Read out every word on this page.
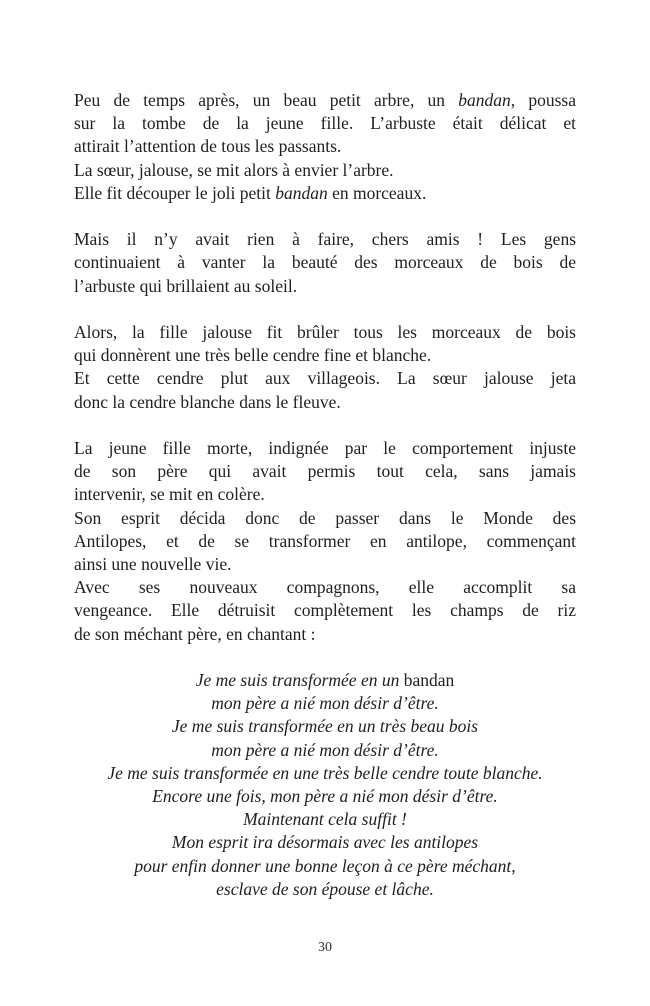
Peu de temps après, un beau petit arbre, un bandan, poussa
sur la tombe de la jeune fille. L’arbuste était délicat et
attirait l’attention de tous les passants.
La sœur, jalouse, se mit alors à envier l’arbre.
Elle fit découper le joli petit bandan en morceaux.

Mais il n’y avait rien à faire, chers amis ! Les gens
continuaient à vanter la beauté des morceaux de bois de
l’arbuste qui brillaient au soleil.

Alors, la fille jalouse fit brûler tous les morceaux de bois
qui donnèrent une très belle cendre fine et blanche.
Et cette cendre plut aux villageois. La sœur jalouse jeta
donc la cendre blanche dans le fleuve.

La jeune fille morte, indignée par le comportement injuste
de son père qui avait permis tout cela, sans jamais
intervenir, se mit en colère.
Son esprit décida donc de passer dans le Monde des
Antilopes, et de se transformer en antilope, commençant
ainsi une nouvelle vie.
Avec ses nouveaux compagnons, elle accomplit sa
vengeance. Elle détruisit complètement les champs de riz
de son méchant père, en chantant :

Je me suis transformée en un bandan
mon père a nié mon désir d’être.
Je me suis transformée en un très beau bois
mon père a nié mon désir d’être.
Je me suis transformée en une très belle cendre toute blanche.
Encore une fois, mon père a nié mon désir d’être.
Maintenant cela suffit !
Mon esprit ira désormais avec les antilopes
pour enfin donner une bonne leçon à ce père méchant,
esclave de son épouse et lâche.
30
